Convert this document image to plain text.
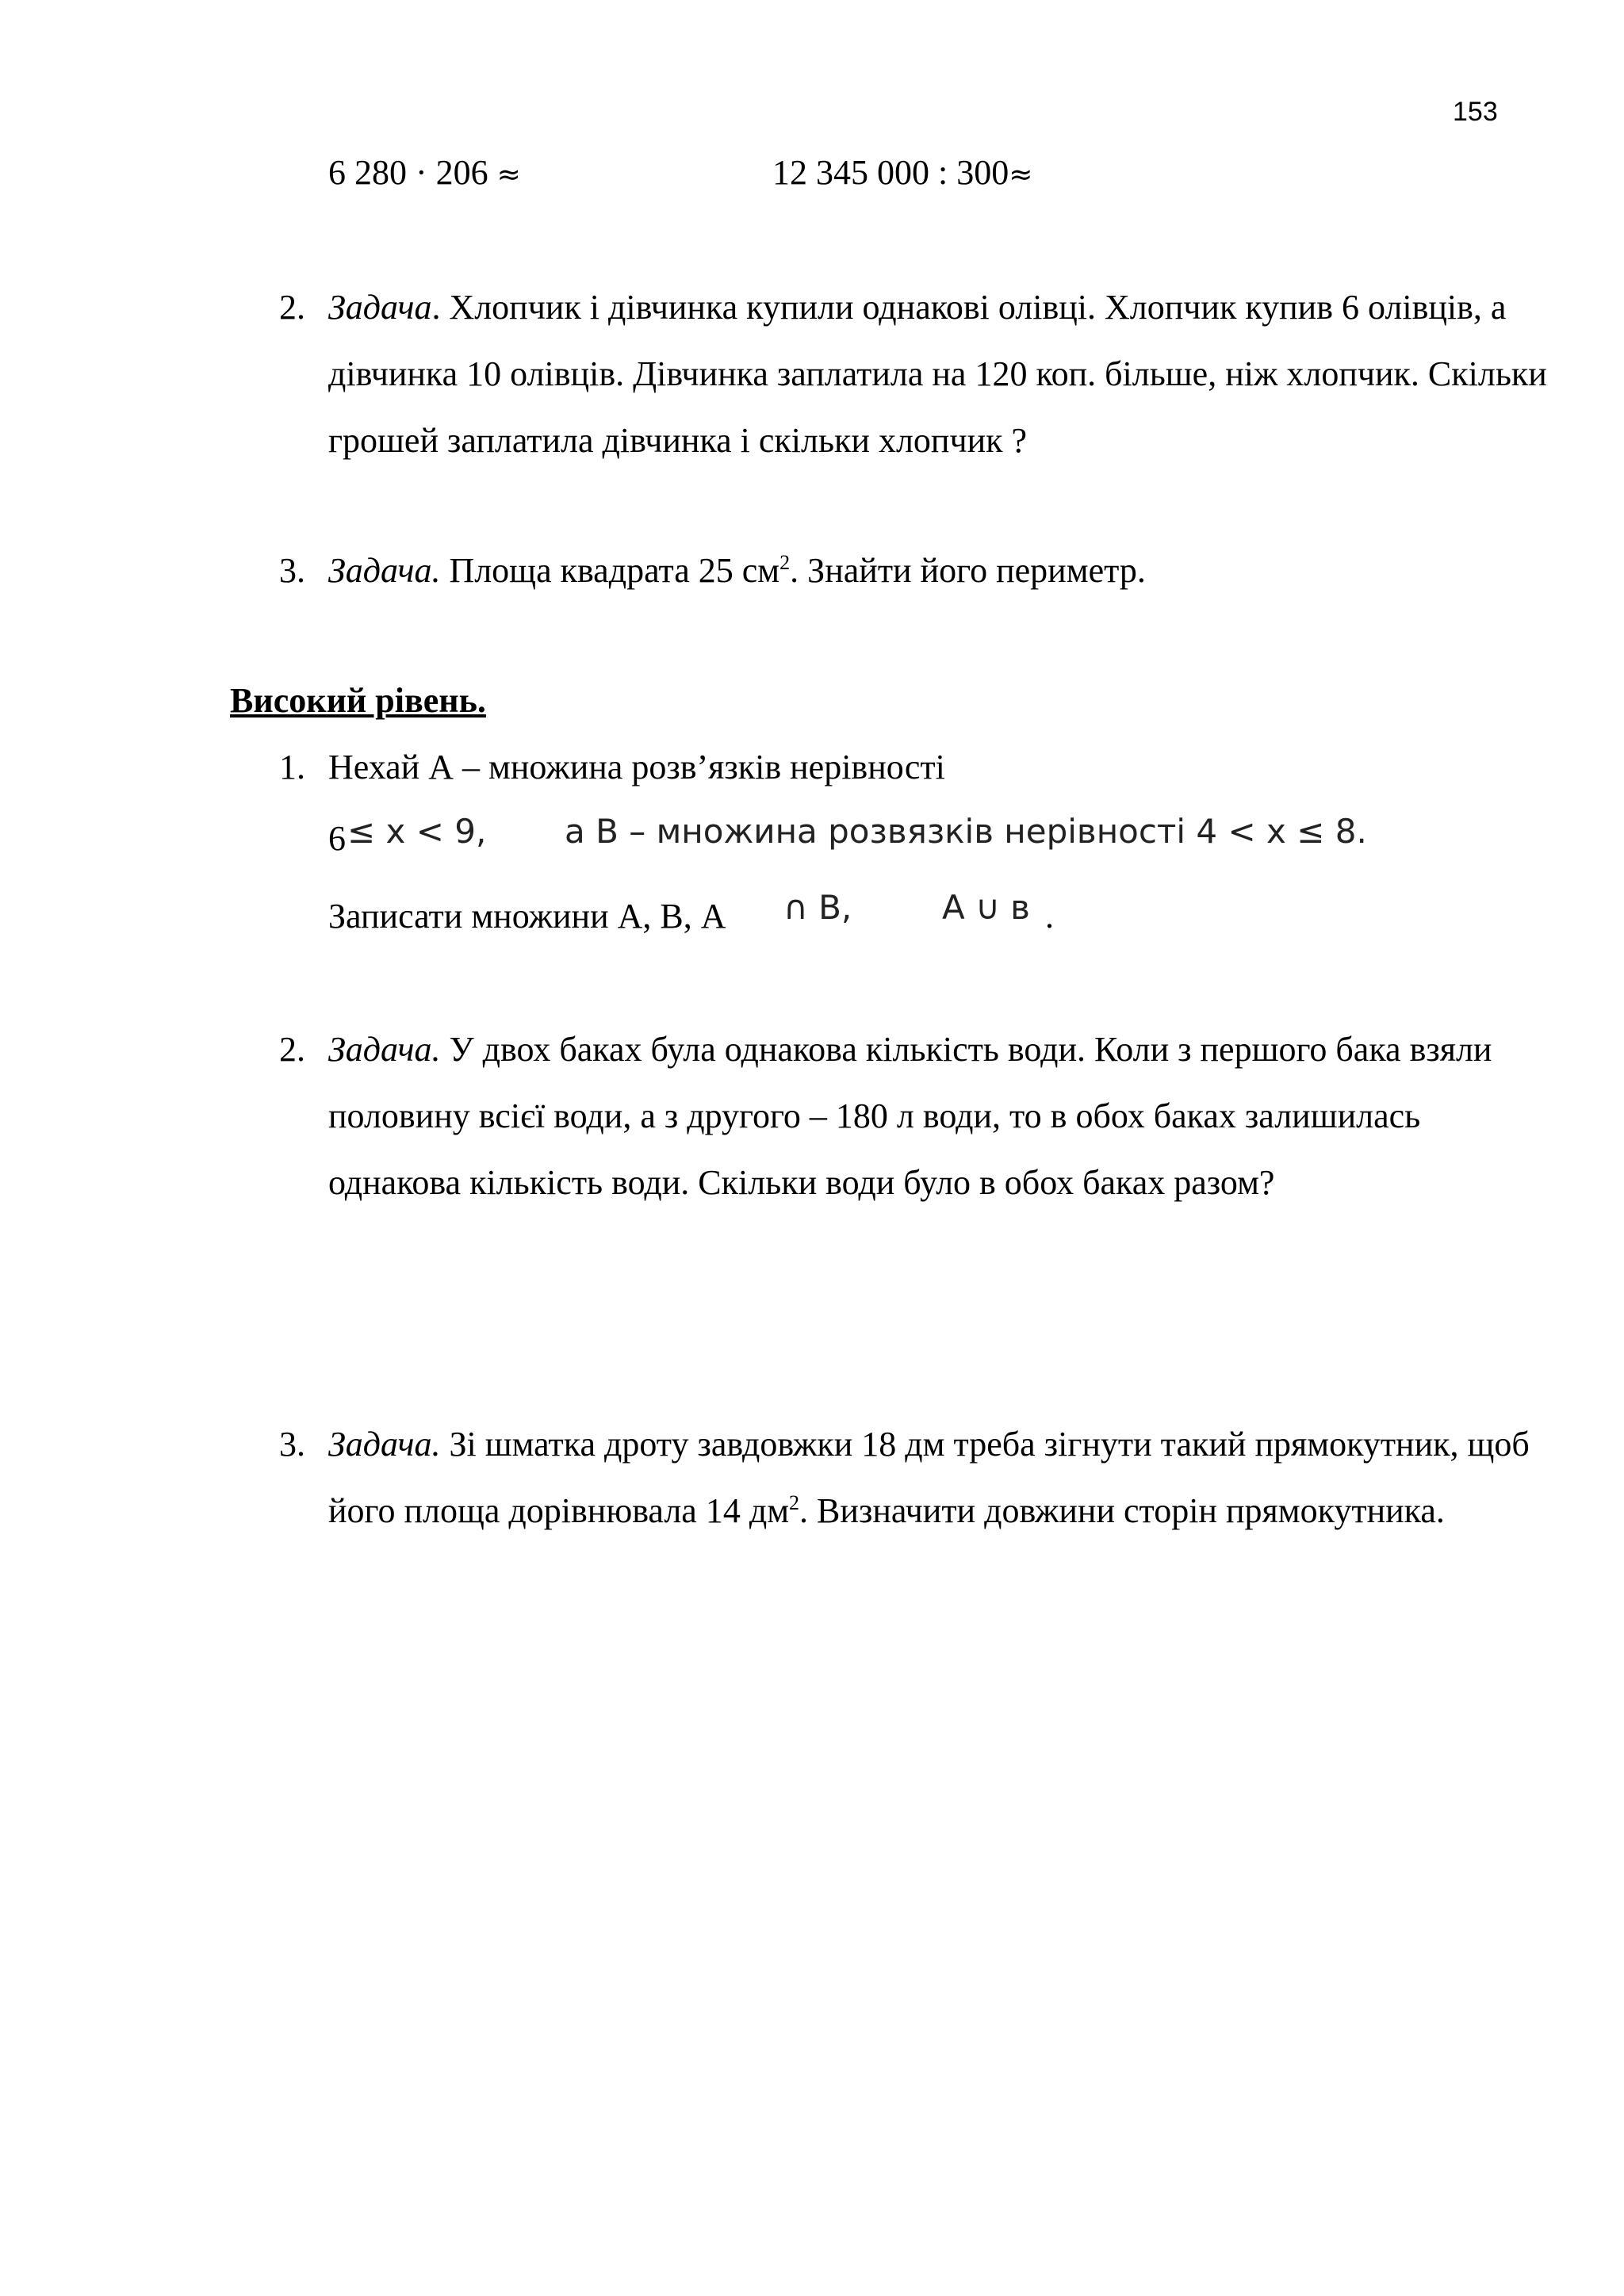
153
6 280 · 206 ≈	12 345 000 : 300≈
2. Задача. Хлопчик і дівчинка купили однакові олівці. Хлопчик купив 6 олівців, а дівчинка 10 олівців. Дівчинка заплатила на 120 коп. більше, ніж хлопчик. Скільки грошей заплатила дівчинка і скільки хлопчик ?
3. Задача. Площа квадрата 25 $см^2$. Знайти його периметр.
Високий рівень.
1. Нехай А – множина розв’язків нерівності
6 ≤ x < 9, а В – множина розвязків нерівності 4 < x ≤ 8.
Записати множини А, В, А ∩ В,	А ∪ в .
2. Задача. У двох баках була однакова кількість води. Коли з першого бака взяли половину всієї води, а з другого – 180 л води, то в обох баках залишилась однакова кількість води. Скільки води було в обох баках разом?
3. Задача. Зі шматка дроту завдовжки 18 дм треба зігнути такий прямокутник, щоб його площа дорівнювала 14 $дм^2$. Визначити довжини сторін прямокутника.
